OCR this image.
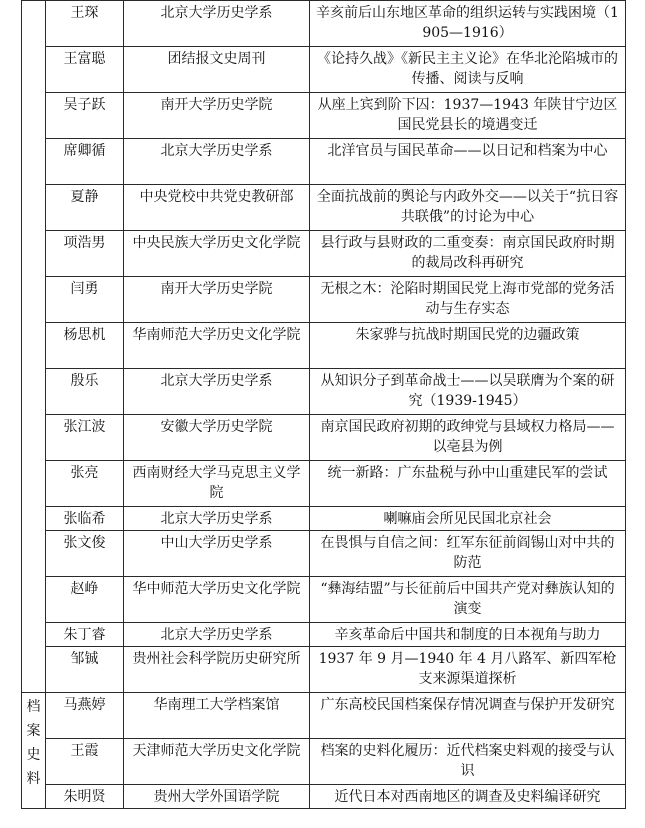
	王琛	北京大学历史学系	辛亥前后山东地区革命的组织运转与实践困境（1905—1916）
	王富聪	团结报文史周刊	《论持久战》《新民主主义论》在华北沦陷城市的传播、阅读与反响
	吴子跃	南开大学历史学院	从座上宾到阶下囚：1937—1943 年陕甘宁边区国民党县长的境遇变迁
	席卿循	北京大学历史学系	北洋官员与国民革命——以日记和档案为中心
	夏静	中央党校中共党史教研部	全面抗战前的舆论与内政外交——以关于“抗日容共联俄”的讨论为中心
	项浩男	中央民族大学历史文化学院	县行政与县财政的二重变奏：南京国民政府时期的裁局改科再研究
	闫勇	南开大学历史学院	无根之木：沦陷时期国民党上海市党部的党务活动与生存实态
	杨思机	华南师范大学历史文化学院	朱家骅与抗战时期国民党的边疆政策
	殷乐	北京大学历史学系	从知识分子到革命战士——以吴联膺为个案的研究（1939-1945）
	张江波	安徽大学历史学院	南京国民政府初期的政绅党与县域权力格局——以亳县为例
	张亮	西南财经大学马克思主义学院	统一新路：广东盐税与孙中山重建民军的尝试
	张临希	北京大学历史学系	喇嘛庙会所见民国北京社会
	张文俊	中山大学历史学系	在畏惧与自信之间：红军东征前阎锡山对中共的防范
	赵峥	华中师范大学历史文化学院	“彝海结盟”与长征前后中国共产党对彝族认知的演变
	朱丁睿	北京大学历史学系	辛亥革命后中国共和制度的日本视角与助力
	邹铖	贵州社会科学院历史研究所	1937 年 9 月—1940 年 4 月八路军、新四军枪支来源渠道探析

档案史料	马燕婷	华南理工大学档案馆	广东高校民国档案保存情况调查与保护开发研究
	王霞	天津师范大学历史文化学院	档案的史料化履历：近代档案史料观的接受与认识
	朱明贤	贵州大学外国语学院	近代日本对西南地区的调查及史料编译研究
